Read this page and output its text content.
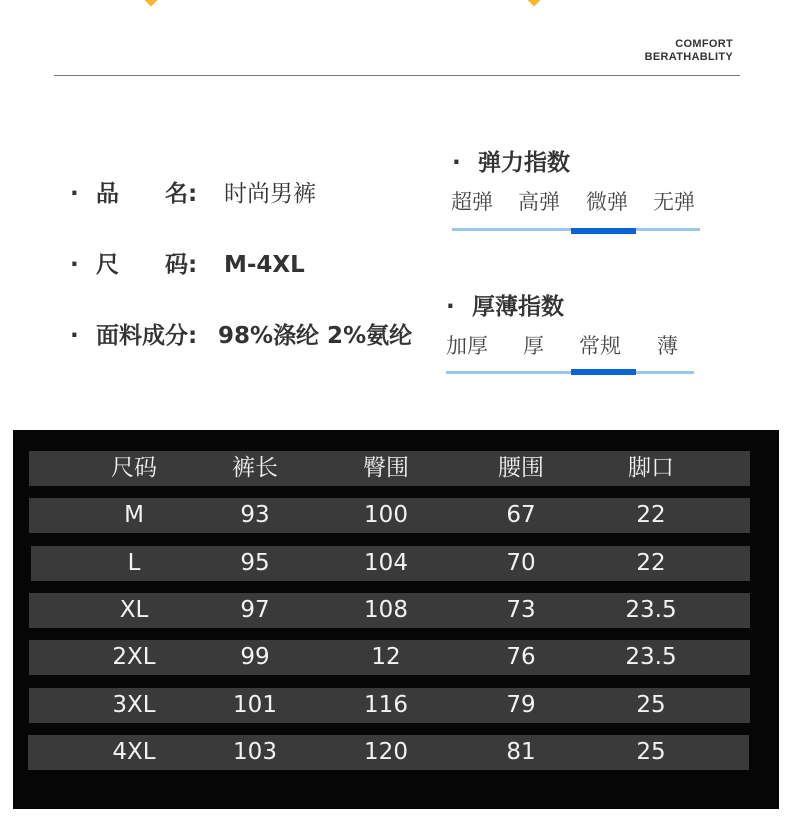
COMFORT
BERATHABLITY
· 品　　名: 时尚男裤
· 尺　　码: M-4XL
· 面料成分: 98%涤纶 2%氨纶
· 弹力指数
超弹 高弹 微弹 无弹
· 厚薄指数
加厚 厚 常规 薄
尺码	裤长	臀围	腰围	脚口
M	93	100	67	22
L	95	104	70	22
XL	97	108	73	23.5
2XL	99	12	76	23.5
3XL	101	116	79	25
4XL	103	120	81	25
